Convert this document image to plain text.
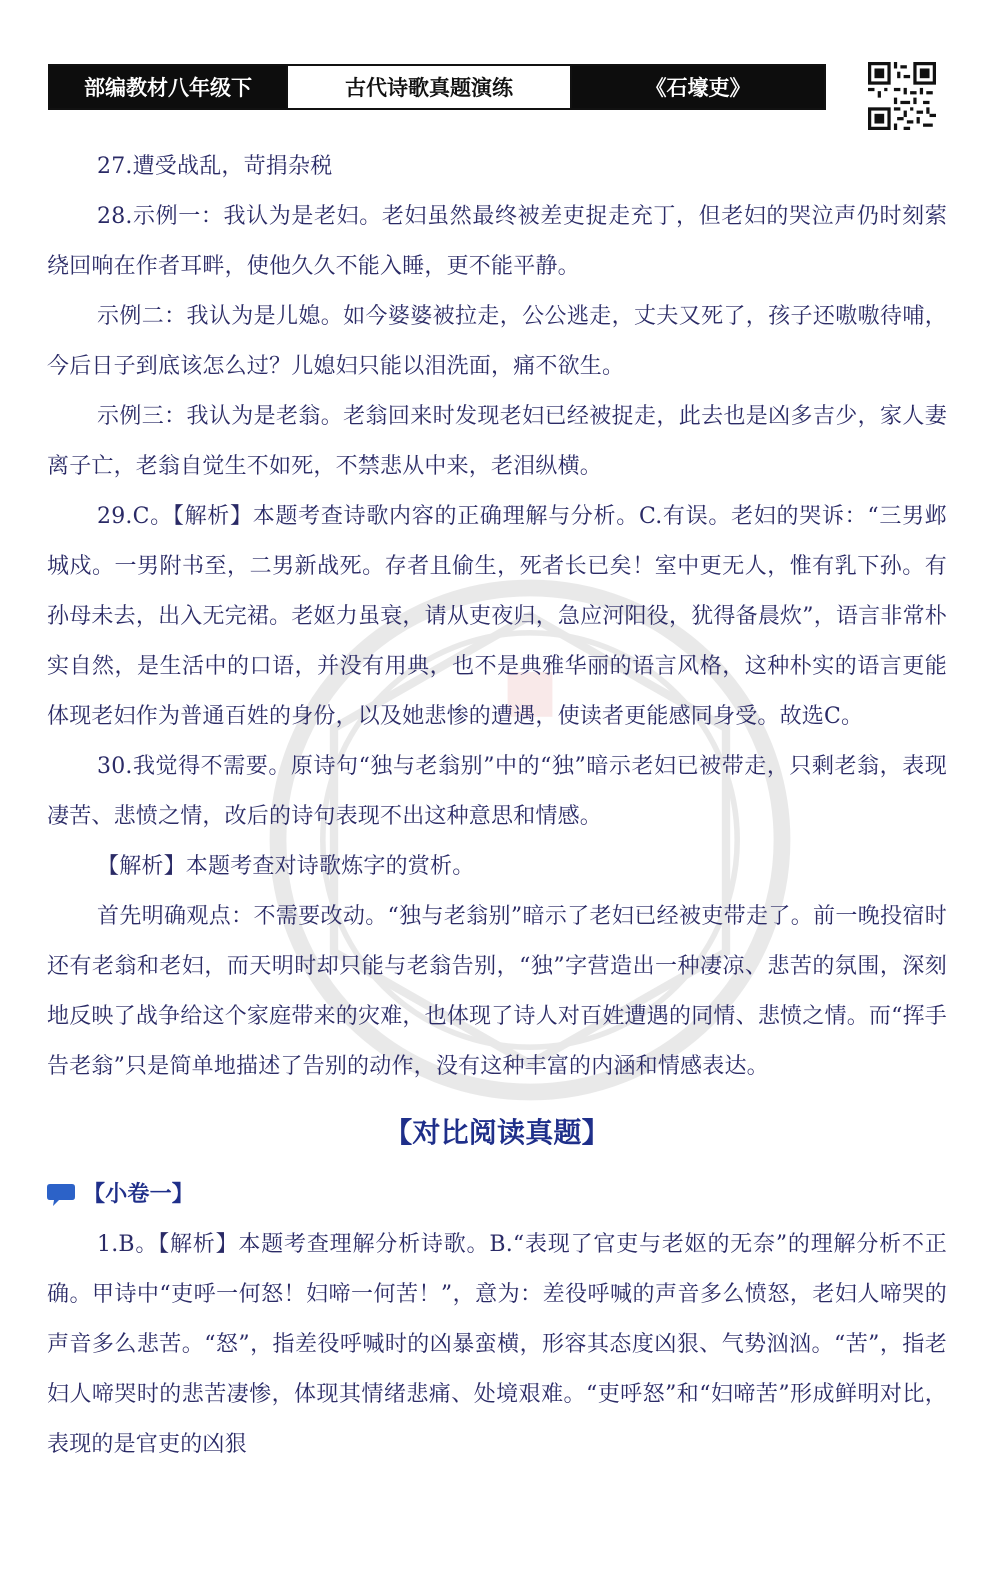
部编教材八年级下	古代诗歌真题演练	《石壕吏》

27.遭受战乱，苛捐杂税

28.示例一：我认为是老妇。老妇虽然最终被差吏捉走充丁，但老妇的哭泣声仍时刻萦绕回响在作者耳畔，使他久久不能入睡，更不能平静。

示例二：我认为是儿媳。如今婆婆被拉走，公公逃走，丈夫又死了，孩子还嗷嗷待哺，今后日子到底该怎么过？儿媳妇只能以泪洗面，痛不欲生。

示例三：我认为是老翁。老翁回来时发现老妇已经被捉走，此去也是凶多吉少，家人妻离子亡，老翁自觉生不如死，不禁悲从中来，老泪纵横。

29.C。【解析】本题考查诗歌内容的正确理解与分析。C.有误。老妇的哭诉：“三男邺城戍。一男附书至，二男新战死。存者且偷生，死者长已矣！室中更无人，惟有乳下孙。有孙母未去，出入无完裙。老妪力虽衰，请从吏夜归，急应河阳役，犹得备晨炊”，语言非常朴实自然，是生活中的口语，并没有用典，也不是典雅华丽的语言风格，这种朴实的语言更能体现老妇作为普通百姓的身份，以及她悲惨的遭遇，使读者更能感同身受。故选C。

30.我觉得不需要。原诗句“独与老翁别”中的“独”暗示老妇已被带走，只剩老翁，表现凄苦、悲愤之情，改后的诗句表现不出这种意思和情感。

【解析】本题考查对诗歌炼字的赏析。

首先明确观点：不需要改动。“独与老翁别”暗示了老妇已经被吏带走了。前一晚投宿时还有老翁和老妇，而天明时却只能与老翁告别，“独”字营造出一种凄凉、悲苦的氛围，深刻地反映了战争给这个家庭带来的灾难，也体现了诗人对百姓遭遇的同情、悲愤之情。而“挥手告老翁”只是简单地描述了告别的动作，没有这种丰富的内涵和情感表达。

【对比阅读真题】
【小卷一】

1.B。【解析】本题考查理解分析诗歌。B.“表现了官吏与老妪的无奈”的理解分析不正确。甲诗中“吏呼一何怒！妇啼一何苦！”，意为：差役呼喊的声音多么愤怒，老妇人啼哭的声音多么悲苦。“怒”，指差役呼喊时的凶暴蛮横，形容其态度凶狠、气势汹汹。“苦”，指老妇人啼哭时的悲苦凄惨，体现其情绪悲痛、处境艰难。“吏呼怒”和“妇啼苦”形成鲜明对比，表现的是官吏的凶狠
